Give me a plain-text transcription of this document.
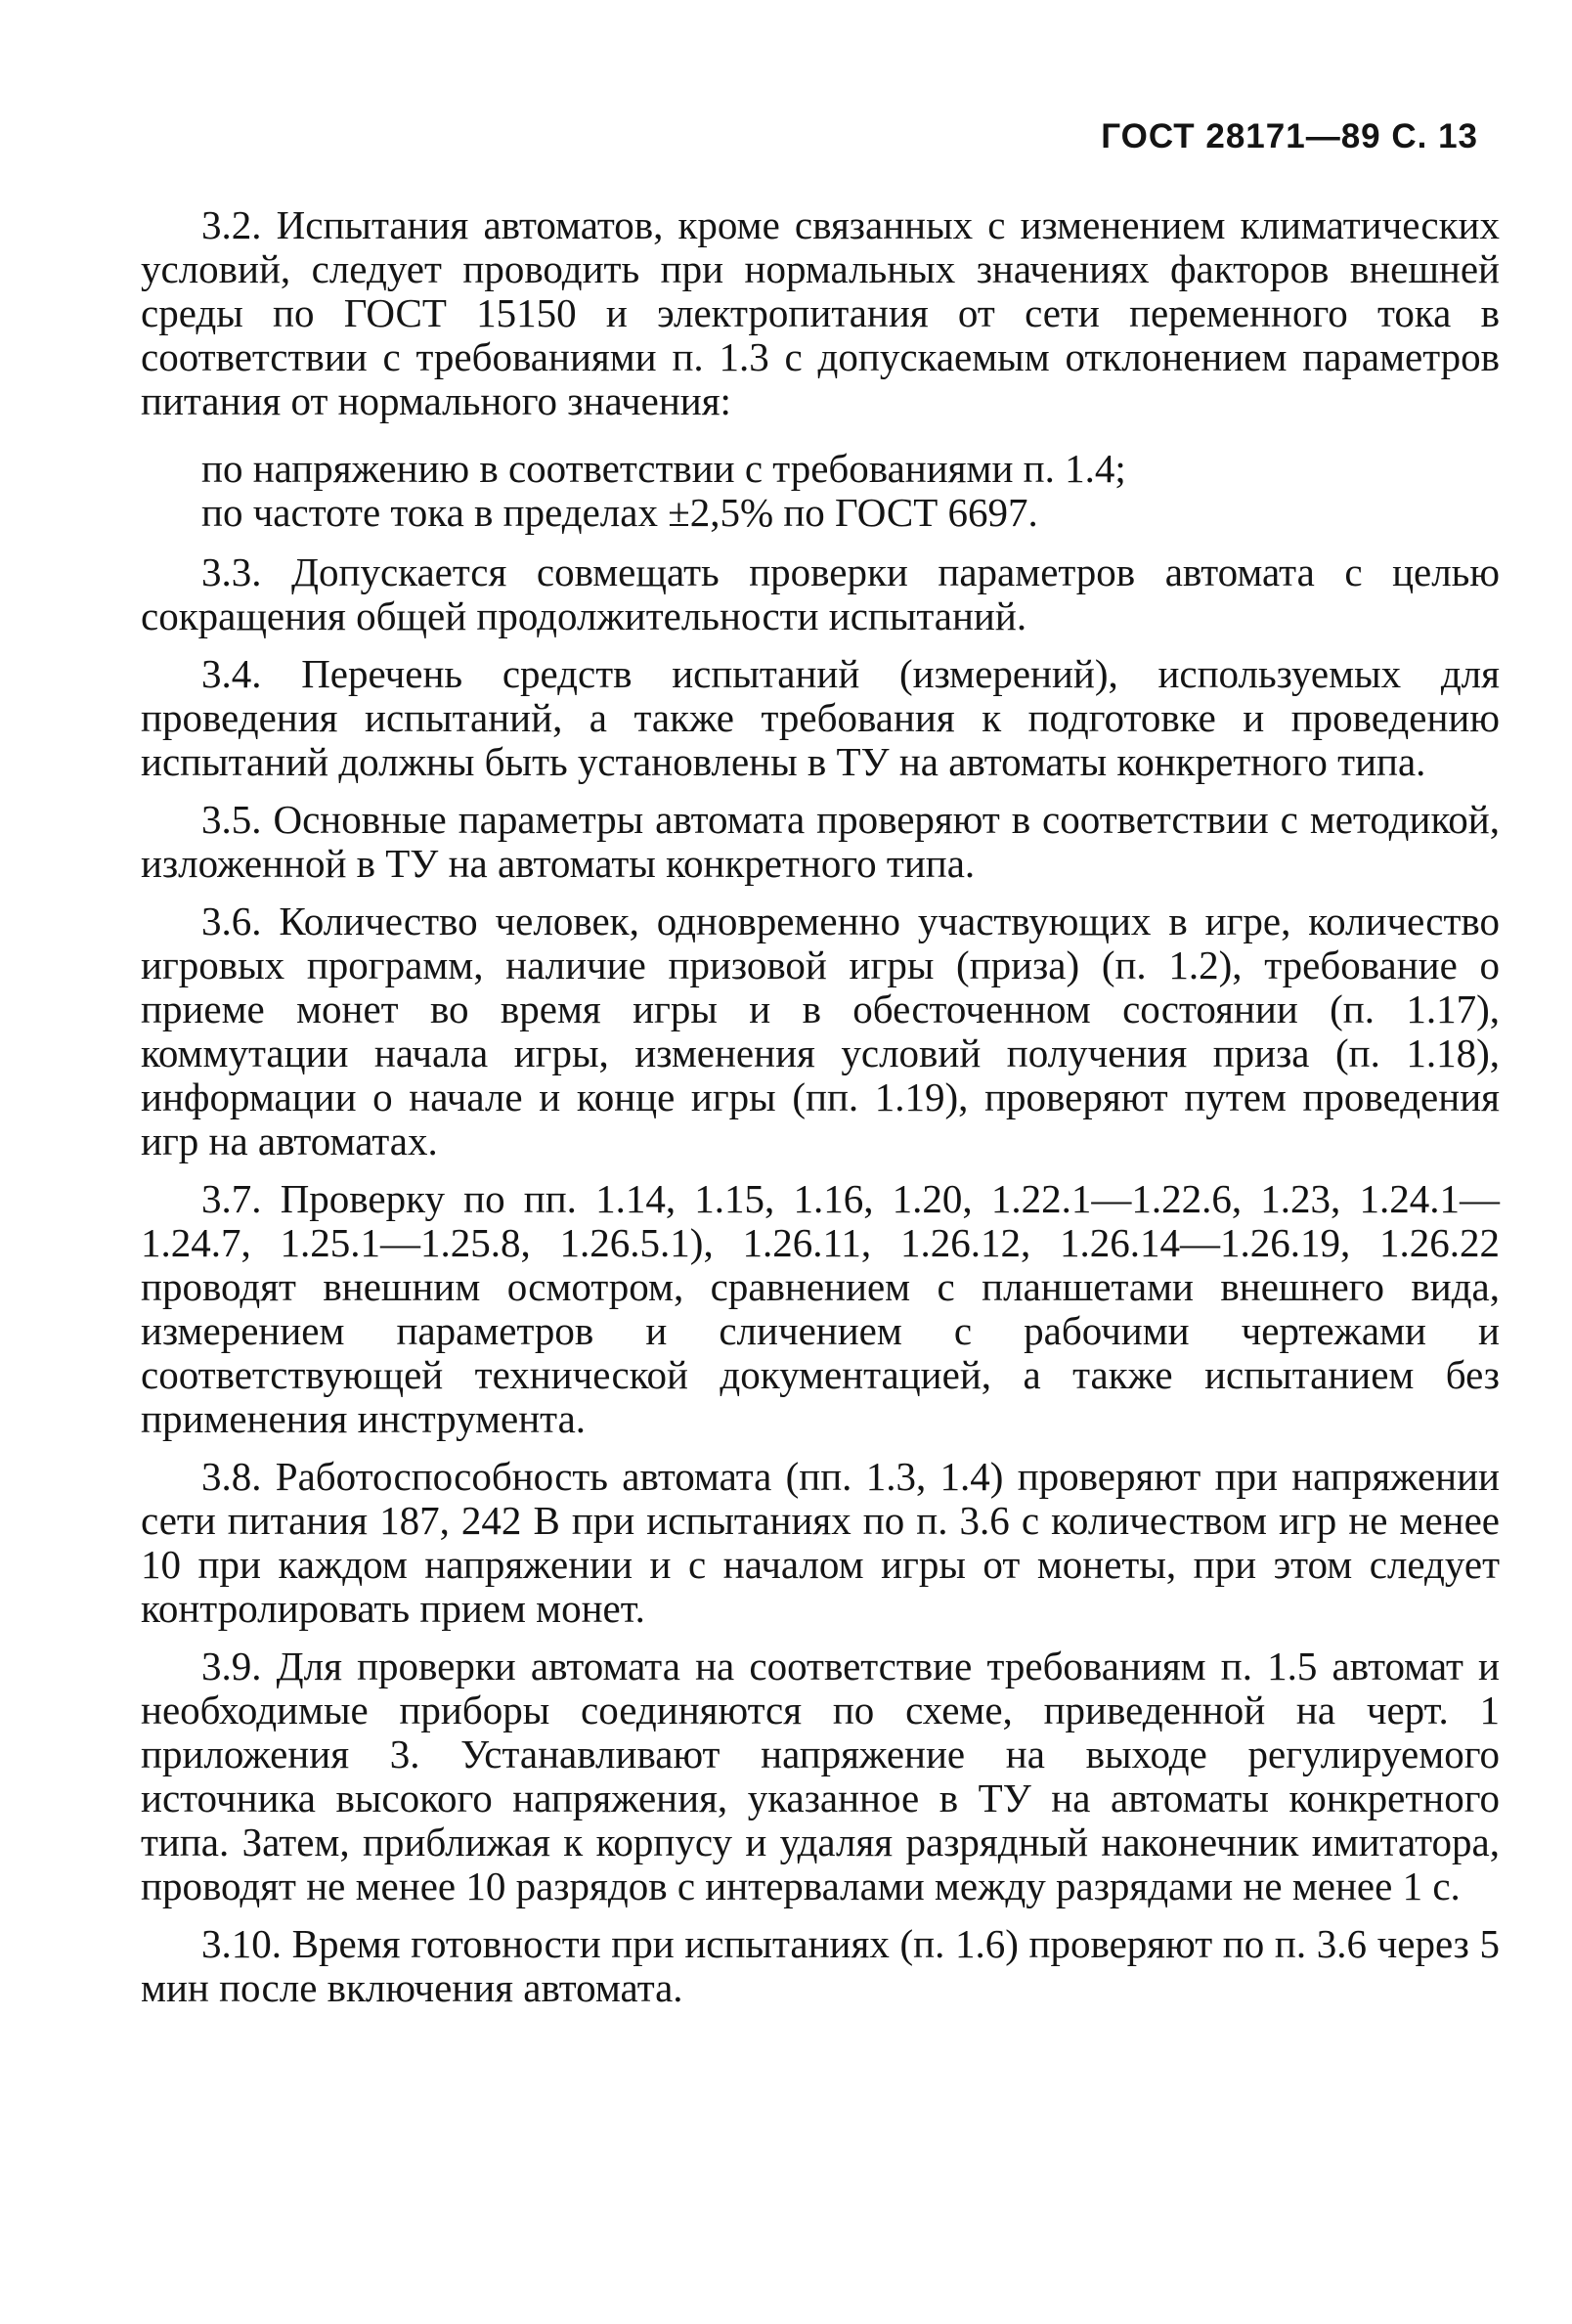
ГОСТ 28171—89 С. 13

3.2. Испытания автоматов, кроме связанных с изменением климатических условий, следует проводить при нормальных значениях факторов внешней среды по ГОСТ 15150 и электропитания от сети переменного тока в соответствии с требованиями п. 1.3 с допускаемым отклонением параметров питания от нормального значения:

по напряжению в соответствии с требованиями п. 1.4;

по частоте тока в пределах ±2,5% по ГОСТ 6697.

3.3. Допускается совмещать проверки параметров автомата с целью сокращения общей продолжительности испытаний.

3.4. Перечень средств испытаний (измерений), используемых для проведения испытаний, а также требования к подготовке и проведению испытаний должны быть установлены в ТУ на автоматы конкретного типа.

3.5. Основные параметры автомата проверяют в соответствии с методикой, изложенной в ТУ на автоматы конкретного типа.

3.6. Количество человек, одновременно участвующих в игре, количество игровых программ, наличие призовой игры (приза) (п. 1.2), требование о приеме монет во время игры и в обесточенном состоянии (п. 1.17), коммутации начала игры, изменения условий получения приза (п. 1.18), информации о начале и конце игры (пп. 1.19), проверяют путем проведения игр на автоматах.

3.7. Проверку по пп. 1.14, 1.15, 1.16, 1.20, 1.22.1—1.22.6, 1.23, 1.24.1—1.24.7, 1.25.1—1.25.8, 1.26.5.1), 1.26.11, 1.26.12, 1.26.14—1.26.19, 1.26.22 проводят внешним осмотром, сравнением с планшетами внешнего вида, измерением параметров и сличением с рабочими чертежами и соответствующей технической документацией, а также испытанием без применения инструмента.

3.8. Работоспособность автомата (пп. 1.3, 1.4) проверяют при напряжении сети питания 187, 242 В при испытаниях по п. 3.6 с количеством игр не менее 10 при каждом напряжении и с началом игры от монеты, при этом следует контролировать прием монет.

3.9. Для проверки автомата на соответствие требованиям п. 1.5 автомат и необходимые приборы соединяются по схеме, приведенной на черт. 1 приложения 3. Устанавливают напряжение на выходе регулируемого источника высокого напряжения, указанное в ТУ на автоматы конкретного типа. Затем, приближая к корпусу и удаляя разрядный наконечник имитатора, проводят не менее 10 разрядов с интервалами между разрядами не менее 1 с.

3.10. Время готовности при испытаниях (п. 1.6) проверяют по п. 3.6 через 5 мин после включения автомата.
